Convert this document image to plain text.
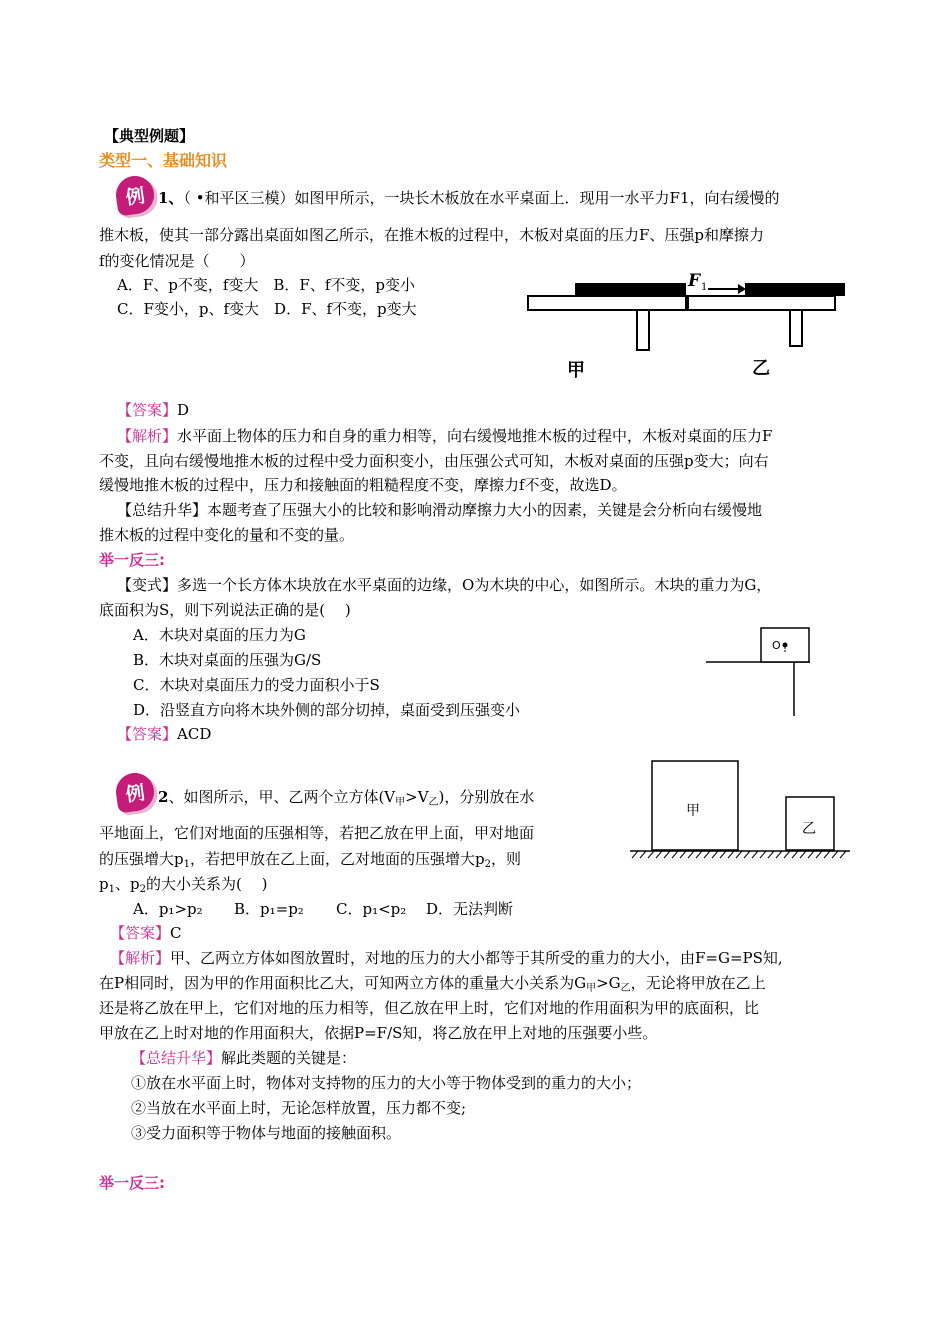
【典型例题】
类型一、基础知识
例 1、（ •和平区三模）如图甲所示，一块长木板放在水平桌面上．现用一水平力F1，向右缓慢的
推木板，使其一部分露出桌面如图乙所示，在推木板的过程中，木板对桌面的压力F、压强p和摩擦力
f的变化情况是（　　）
A．F、p不变，f变大　B．F、f不变，p变小
C．F变小，p、f变大　D．F、f不变，p变大
甲
F 1
乙
【答案】D
【解析】水平面上物体的压力和自身的重力相等，向右缓慢地推木板的过程中，木板对桌面的压力F
不变，且向右缓慢地推木板的过程中受力面积变小，由压强公式可知，木板对桌面的压强p变大；向右
缓慢地推木板的过程中，压力和接触面的粗糙程度不变，摩擦力f不变，故选D。
【总结升华】本题考查了压强大小的比较和影响滑动摩擦力大小的因素，关键是会分析向右缓慢地
推木板的过程中变化的量和不变的量。
举一反三:
【变式】多选一个长方体木块放在水平桌面的边缘，O为木块的中心，如图所示。木块的重力为G，
底面积为S，则下列说法正确的是(　 )
A．木块对桌面的压力为G
B．木块对桌面的压强为G/S
C．木块对桌面压力的受力面积小于S
D．沿竖直方向将木块外侧的部分切掉，桌面受到压强变小
O
【答案】ACD
例 2、如图所示，甲、乙两个立方体$(V_甲>V_乙)$，分别放在水
平地面上，它们对地面的压强相等，若把乙放在甲上面，甲对地面
的压强增大$p_1$，若把甲放在乙上面，乙对地面的压强增大$p_2$，则
$p_1$、$p_2$的大小关系为(　 )
A．p₁>p₂ B．p₁=p₂ C．p₁<p₂ D．无法判断
甲
乙
【答案】C
【解析】甲、乙两立方体如图放置时，对地的压力的大小都等于其所受的重力的大小，由F=G=PS知,
在P相同时，因为甲的作用面积比乙大，可知两立方体的重量大小关系为$G_甲>G_乙$，无论将甲放在乙上
还是将乙放在甲上，它们对地的压力相等，但乙放在甲上时，它们对地的作用面积为甲的底面积，比
甲放在乙上时对地的作用面积大，依据P=F/S知，将乙放在甲上对地的压强要小些。
【总结升华】解此类题的关键是：
①放在水平面上时，物体对支持物的压力的大小等于物体受到的重力的大小；
②当放在水平面上时，无论怎样放置，压力都不变;
③受力面积等于物体与地面的接触面积。
举一反三:
